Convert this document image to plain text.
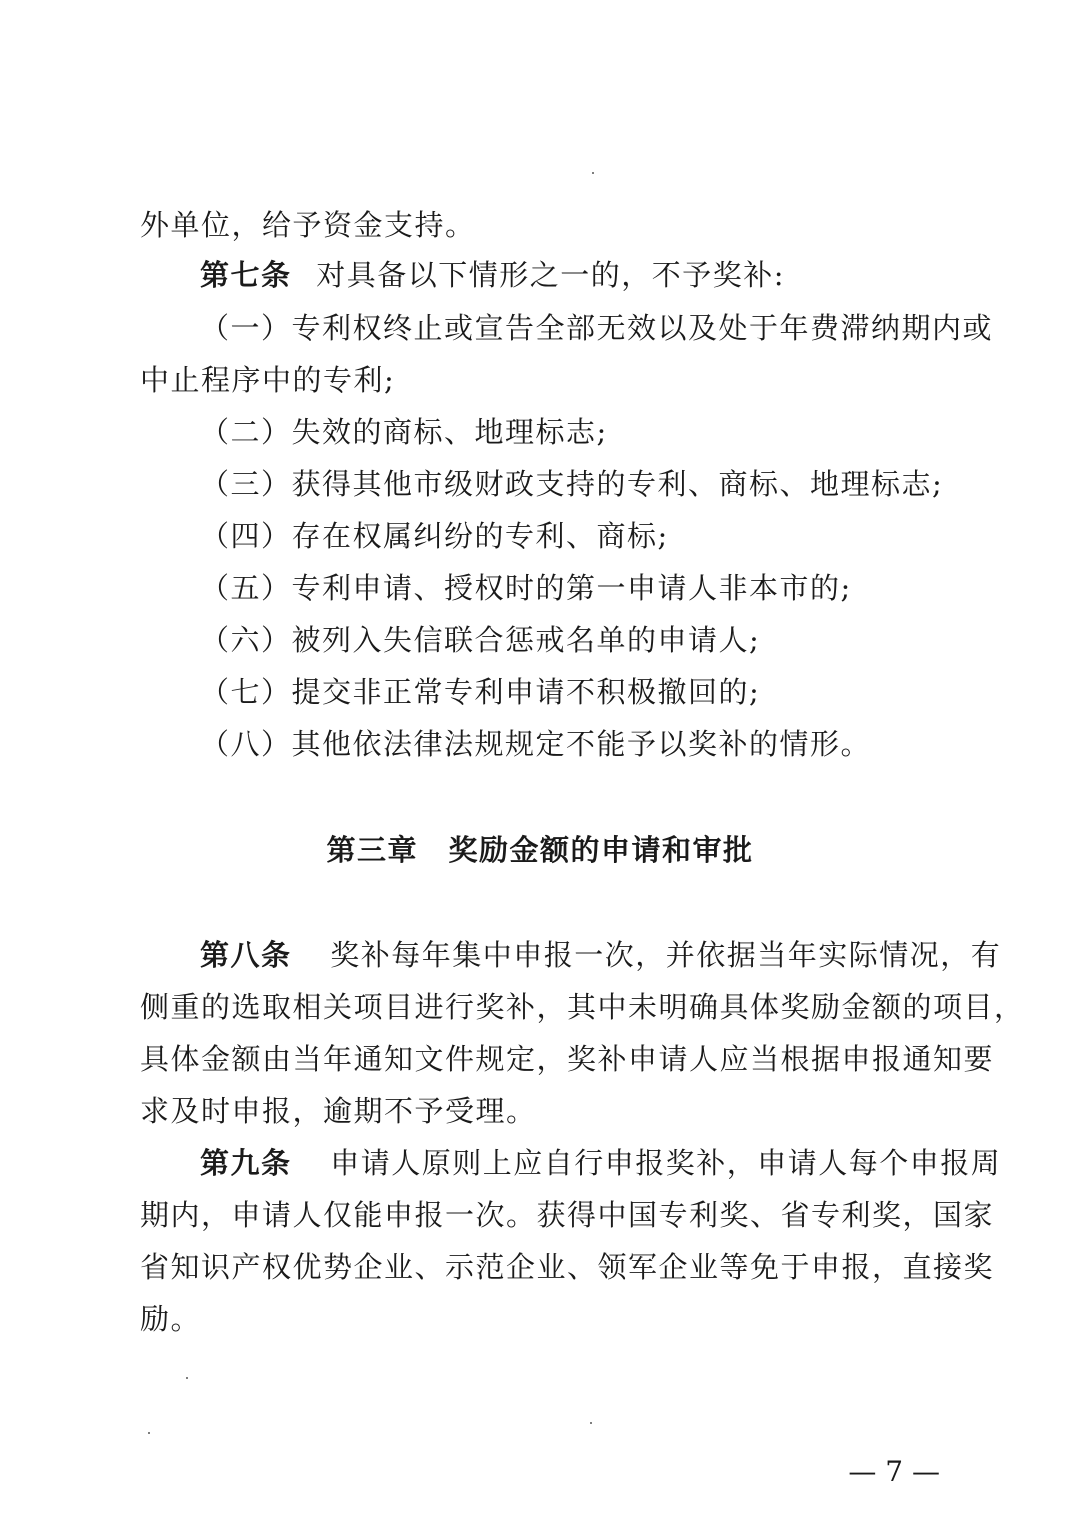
外单位，给予资金支持。
第七条 对具备以下情形之一的，不予奖补:
（一）专利权终止或宣告全部无效以及处于年费滞纳期内或
中止程序中的专利;
（二）失效的商标、地理标志;
（三）获得其他市级财政支持的专利、商标、地理标志;
（四）存在权属纠纷的专利、商标;
（五）专利申请、授权时的第一申请人非本市的;
（六）被列入失信联合惩戒名单的申请人;
（七）提交非正常专利申请不积极撤回的;
（八）其他依法律法规规定不能予以奖补的情形。
第三章　奖励金额的申请和审批
第八条 奖补每年集中申报一次，并依据当年实际情况，有
侧重的选取相关项目进行奖补，其中未明确具体奖励金额的项目，
具体金额由当年通知文件规定，奖补申请人应当根据申报通知要
求及时申报，逾期不予受理。
第九条 申请人原则上应自行申报奖补，申请人每个申报周
期内，申请人仅能申报一次。获得中国专利奖、省专利奖，国家
省知识产权优势企业、示范企业、领军企业等免于申报，直接奖
励。
— 7 —
